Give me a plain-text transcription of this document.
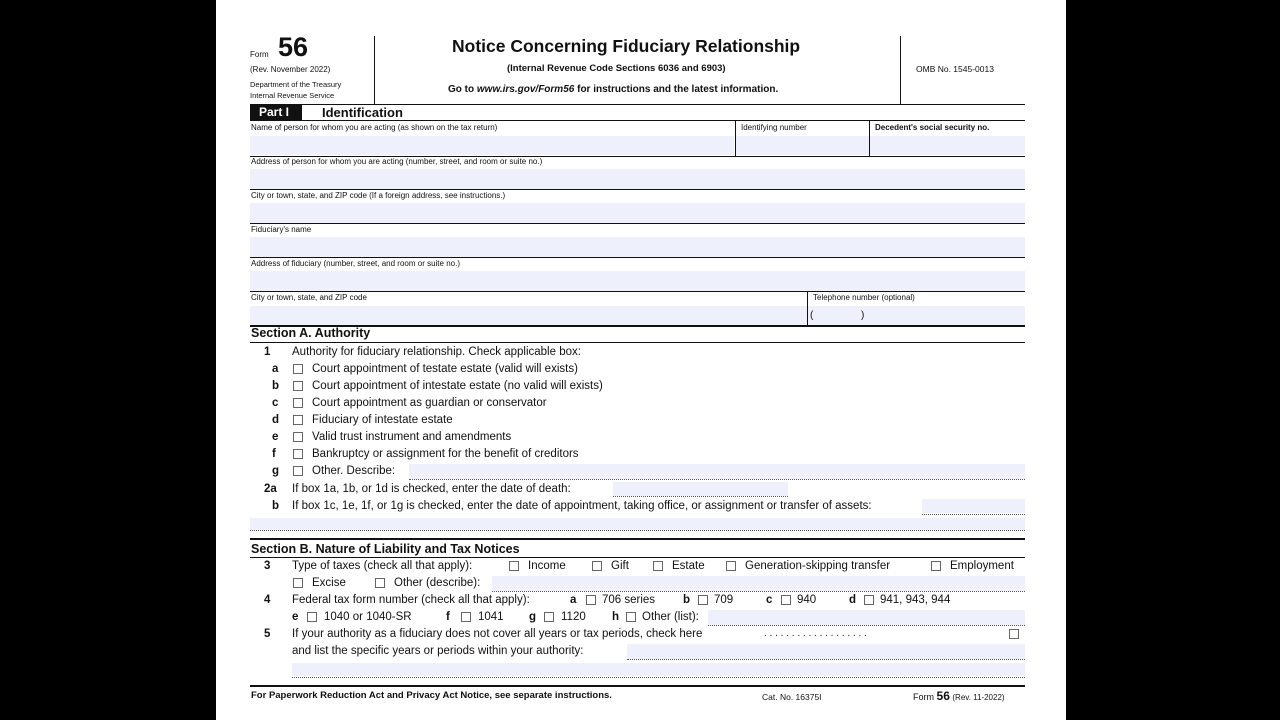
Form 56
(Rev. November 2022)
Department of the Treasury
Internal Revenue Service
Notice Concerning Fiduciary Relationship
(Internal Revenue Code Sections 6036 and 6903)
Go to www.irs.gov/Form56 for instructions and the latest information.
OMB No. 1545-0013
Part I	Identification
Name of person for whom you are acting (as shown on the tax return)	Identifying number	Decedent's social security no.
Address of person for whom you are acting (number, street, and room or suite no.)
City or town, state, and ZIP code (If a foreign address, see instructions.)
Fiduciary's name
Address of fiduciary (number, street, and room or suite no.)
City or town, state, and ZIP code	Telephone number (optional)
(	)
Section A. Authority
1 Authority for fiduciary relationship. Check applicable box:
a	Court appointment of testate estate (valid will exists)
b	Court appointment of intestate estate (no valid will exists)
c	Court appointment as guardian or conservator
d	Fiduciary of intestate estate
e	Valid trust instrument and amendments
f	Bankruptcy or assignment for the benefit of creditors
g	Other. Describe:
2a If box 1a, 1b, or 1d is checked, enter the date of death:
b If box 1c, 1e, 1f, or 1g is checked, enter the date of appointment, taking office, or assignment or transfer of assets:
Section B. Nature of Liability and Tax Notices
3 Type of taxes (check all that apply):	Income	Gift	Estate	Generation-skipping transfer	Employment
Excise	Other (describe):
4 Federal tax form number (check all that apply):	a 706 series b 709	c 940	d 941, 943, 944
e 1040 or 1040-SR	f 1041 g 1120 h Other (list):
5 If your authority as a fiduciary does not cover all years or tax periods, check here	. . . . . . . . . . . . . . . . . . .
and list the specific years or periods within your authority:
For Paperwork Reduction Act and Privacy Act Notice, see separate instructions.	Cat. No. 16375I	Form 56 (Rev. 11-2022)
